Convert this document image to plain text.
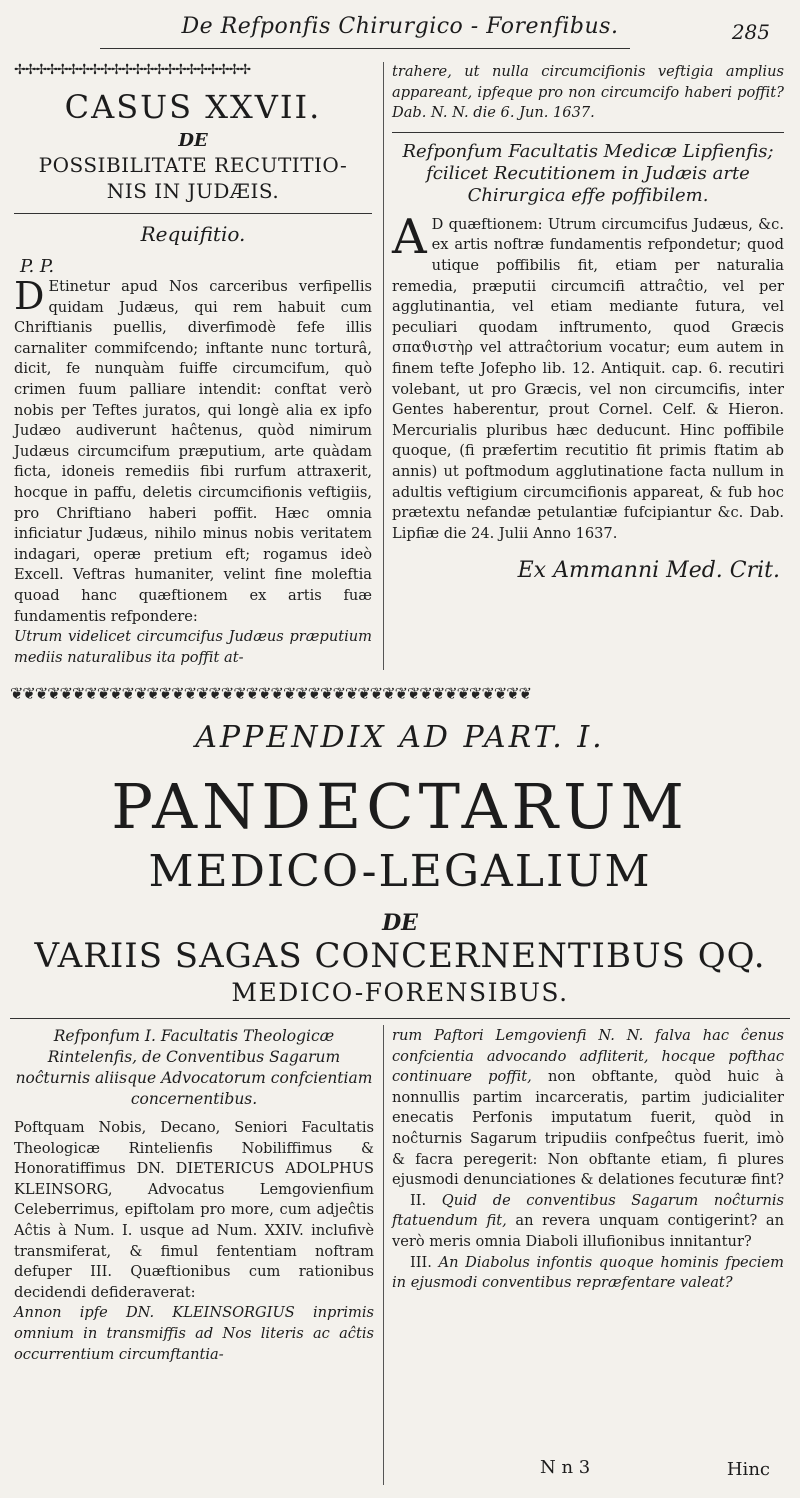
De Refponfis Chirurgico - Forenfibus.	285
✢✢✢✢✢✢✢✢✢✢✢✢✢✢✢✢✢✢✢✢✢✢
CASUS XXVII.
DE
POSSIBILITATE RECUTITIO-
NIS IN JUDÆIS.
Requifitio.
P. P.
D Etinetur apud Nos carceribus verfipellis quidam Judæus, qui rem habuit cum Chriftianis puellis, diverfimodè fefe illis carnaliter commifcendo; inftante nunc torturâ, dicit, fe nunquàm fuiffe circumcifum, quò crimen fuum palliare intendit: conftat verò nobis per Teftes juratos, qui longè alia ex ipfo Judæo audiverunt haĉtenus, quòd nimirum Judæus circumcifum præputium, arte quàdam ficta, idoneis remediis fibi rurfum attraxerit, hocque in paffu, deletis circumcifionis veftigiis, pro Chriftiano haberi poffit. Hæc omnia inficiatur Judæus, nihilo minus nobis veritatem indagari, operæ pretium eft; rogamus ideò Excell. Veftras humaniter, velint fine moleftia quoad hanc quæftionem ex artis fuæ fundamentis refpondere:
Utrum videlicet circumcifus Judæus præputium mediis naturalibus ita poffit at-
trahere, ut nulla circumcifionis veftigia amplius appareant, ipfeque pro non circumcifo haberi poffit? Dab. N. N. die 6. Jun. 1637.
Refponfum Facultatis Medicæ Lipfienfis; fcilicet Recutitionem in Judæis arte Chirurgica effe poffibilem.
A D quæftionem: Utrum circumcifus Judæus, &c. ex artis noftræ fundamentis refpondetur; quod utique poffibilis fit, etiam per naturalia remedia, præputii circumcifi attraĉtio, vel per agglutinantia, vel etiam mediante futura, vel peculiari quodam inftrumento, quod Græcis σπαϑιστὴρ vel attraĉtorium vocatur; eum autem in finem tefte Jofepho lib. 12. Antiquit. cap. 6. recutiri volebant, ut pro Græcis, vel non circumcifis, inter Gentes haberentur, prout Cornel. Celf. & Hieron. Mercurialis pluribus hæc deducunt. Hinc poffibile quoque, (fi præfertim recutitio fit primis ftatim ab annis) ut poftmodum agglutinatione facta nullum in adultis veftigium circumcifionis appareat, & fub hoc prætextu nefandæ petulantiæ fufcipiantur &c. Dab. Lipfiæ die 24. Julii Anno 1637.
Ex Ammanni Med. Crit.
❦❦❦❦❦❦❦❦❦❦❦❦❦❦❦❦❦❦❦❦❦❦❦❦❦❦❦❦❦❦❦❦❦❦❦❦❦❦❦❦❦❦
APPENDIX AD PART. I.
PANDECTARUM
MEDICO-LEGALIUM
DE
VARIIS SAGAS CONCERNENTIBUS QQ.
MEDICO-FORENSIBUS.
Refponfum I. Facultatis Theologicæ Rintelenfis, de Conventibus Sagarum noĉturnis aliisque Advocatorum confcientiam concernentibus.
Poftquam Nobis, Decano, Seniori Facultatis Theologicæ Rintelienfis Nobiliffimus & Honoratiffimus DN. DIETERICUS ADOLPHUS KLEINSORG, Advocatus Lemgovienfium Celeberrimus, epiftolam pro more, cum adjeĉtis Aĉtis à Num. I. usque ad Num. XXIV. inclufivè transmiferat, & fimul fententiam noftram defuper III. Quæftionibus cum rationibus decidendi defideraverat:
Annon ipfe DN. KLEINSORGIUS inprimis omnium in transmiffis ad Nos literis ac aĉtis occurrentium circumftantia-
rum Paftori Lemgovienfi N. N. falva hac ĉenus confcientia advocando adfliterit, hocque pofthac continuare poffit, non obftante, quòd huic à nonnullis partim incarceratis, partim judicialiter enecatis Perfonis imputatum fuerit, quòd in noĉturnis Sagarum tripudiis confpeĉtus fuerit, imò & facra peregerit: Non obftante etiam, fi plures ejusmodi denunciationes & delationes fecuturæ fint?
II. Quid de conventibus Sagarum noĉturnis ftatuendum fit, an revera unquam contigerint? an verò meris omnia Diaboli illufionibus innitantur?
III. An Diabolus infontis quoque hominis fpeciem in ejusmodi conventibus repræfentare valeat?
N n 3	Hinc
